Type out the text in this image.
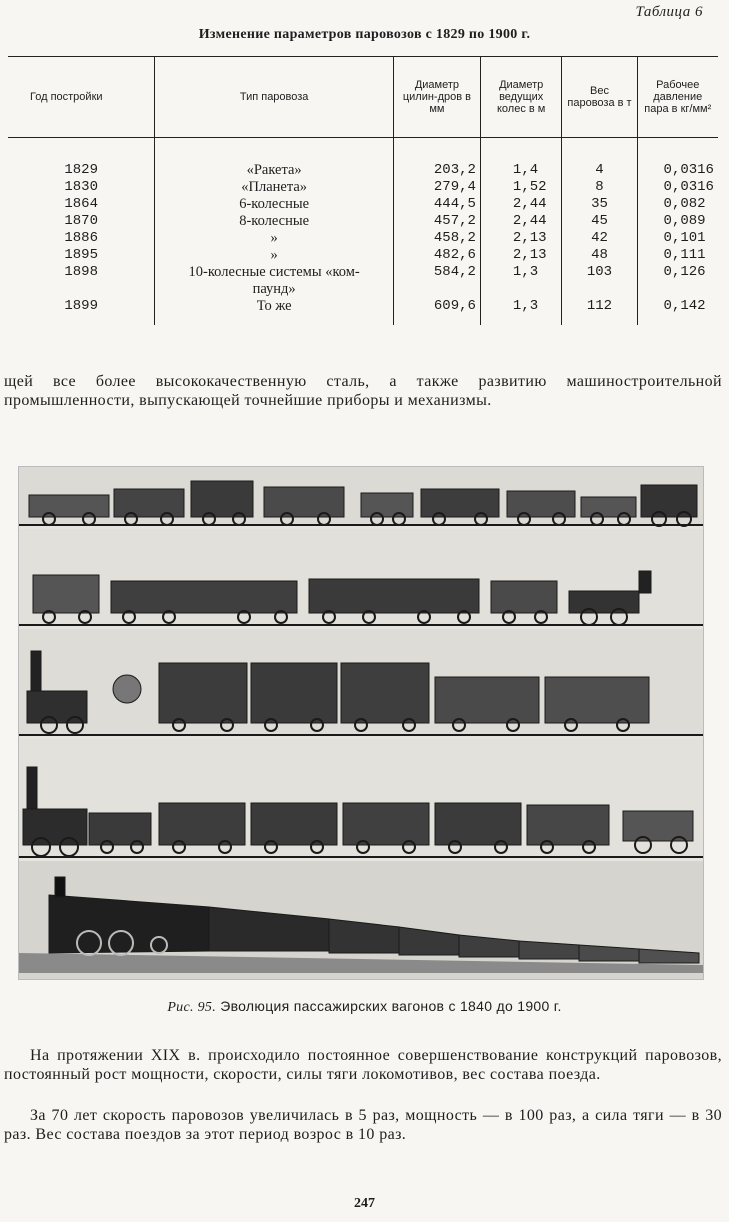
Таблица 6
Изменение параметров паровозов с 1829 по 1900 г.
Год постройки	Тип паровоза	Диаметр цилин-дров в мм	Диаметр ведущих колес в м	Вес паровоза в т	Рабочее давление пара в кг/мм²

1829	«Ракета»	203,2	1,4	4	0,0316
1830	«Планета»	279,4	1,52	8	0,0316
1864	6-колесные	444,5	2,44	35	0,082
1870	8-колесные	457,2	2,44	45	0,089
1886	»	458,2	2,13	42	0,101
1895	»	482,6	2,13	48	0,111
1898	10-колесные системы «ком-	584,2	1,3	103	0,126
	паунд»				
1899	То же	609,6	1,3	112	0,142

щей все более высококачественную сталь, а также развитию машиностроительной промышленности, выпускающей точнейшие приборы и механизмы.
Рис. 95. Эволюция пассажирских вагонов с 1840 до 1900 г.
На протяжении XIX в. происходило постоянное совершенствование конструкций паровозов, постоянный рост мощности, скорости, силы тяги локомотивов, вес состава поезда.
За 70 лет скорость паровозов увеличилась в 5 раз, мощность — в 100 раз, а сила тяги — в 30 раз. Вес состава поездов за этот период возрос в 10 раз.
247
